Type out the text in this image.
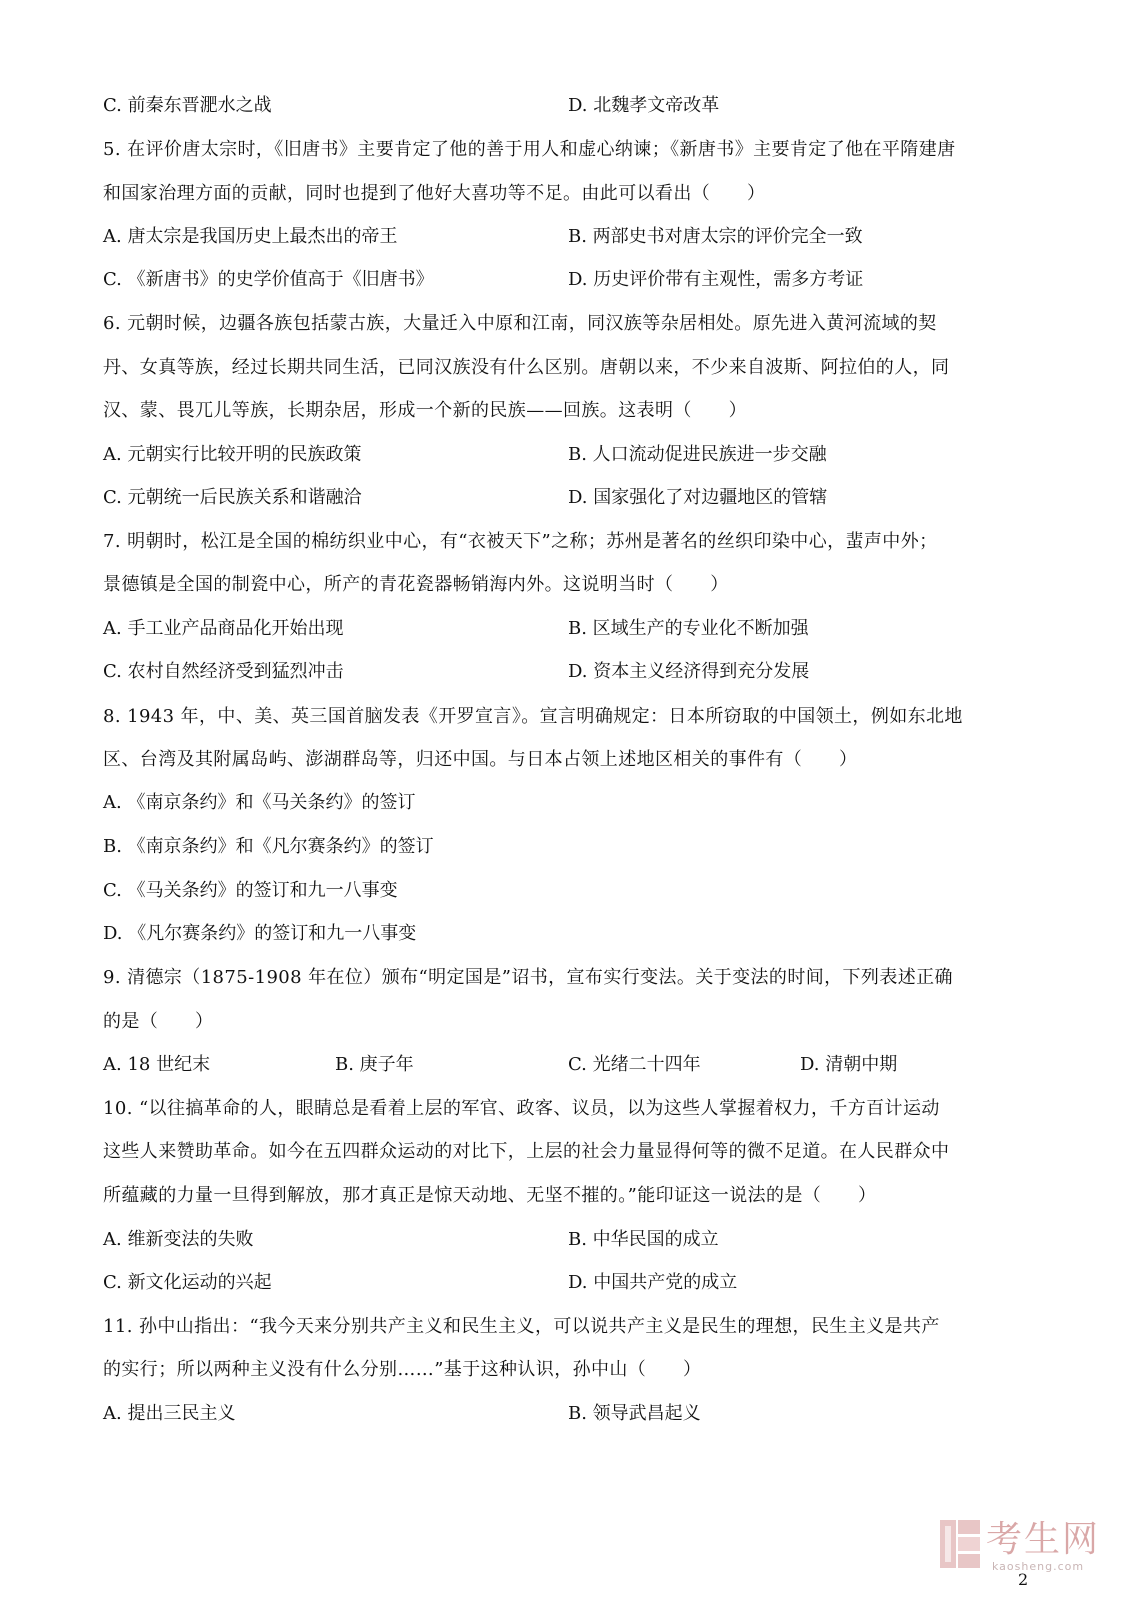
C. 前秦东晋淝水之战	D. 北魏孝文帝改革
5. 在评价唐太宗时，《旧唐书》主要肯定了他的善于用人和虚心纳谏；《新唐书》主要肯定了他在平隋建唐
和国家治理方面的贡献，同时也提到了他好大喜功等不足。由此可以看出（　　）
A. 唐太宗是我国历史上最杰出的帝王	B. 两部史书对唐太宗的评价完全一致
C. 《新唐书》的史学价值高于《旧唐书》	D. 历史评价带有主观性，需多方考证
6. 元朝时候，边疆各族包括蒙古族，大量迁入中原和江南，同汉族等杂居相处。原先进入黄河流域的契
丹、女真等族，经过长期共同生活，已同汉族没有什么区别。唐朝以来，不少来自波斯、阿拉伯的人，同
汉、蒙、畏兀儿等族，长期杂居，形成一个新的民族——回族。这表明（　　）
A. 元朝实行比较开明的民族政策	B. 人口流动促进民族进一步交融
C. 元朝统一后民族关系和谐融洽	D. 国家强化了对边疆地区的管辖
7. 明朝时，松江是全国的棉纺织业中心，有“衣被天下”之称；苏州是著名的丝织印染中心，蜚声中外；
景德镇是全国的制瓷中心，所产的青花瓷器畅销海内外。这说明当时（　　）
A. 手工业产品商品化开始出现	B. 区域生产的专业化不断加强
C. 农村自然经济受到猛烈冲击	D. 资本主义经济得到充分发展
8. 1943 年，中、美、英三国首脑发表《开罗宣言》。宣言明确规定：日本所窃取的中国领土，例如东北地
区、台湾及其附属岛屿、澎湖群岛等，归还中国。与日本占领上述地区相关的事件有（　　）
A. 《南京条约》和《马关条约》的签订
B. 《南京条约》和《凡尔赛条约》的签订
C. 《马关条约》的签订和九一八事变
D. 《凡尔赛条约》的签订和九一八事变
9. 清德宗（1875-1908 年在位）颁布“明定国是”诏书，宣布实行变法。关于变法的时间，下列表述正确
的是（　　）
A. 18 世纪末	B. 庚子年	C. 光绪二十四年	D. 清朝中期
10. “以往搞革命的人，眼睛总是看着上层的军官、政客、议员，以为这些人掌握着权力，千方百计运动
这些人来赞助革命。如今在五四群众运动的对比下，上层的社会力量显得何等的微不足道。在人民群众中
所蕴藏的力量一旦得到解放，那才真正是惊天动地、无坚不摧的。”能印证这一说法的是（　　）
A. 维新变法的失败	B. 中华民国的成立
C. 新文化运动的兴起	D. 中国共产党的成立
11. 孙中山指出：“我今天来分别共产主义和民生主义，可以说共产主义是民生的理想，民生主义是共产
的实行；所以两种主义没有什么分别……”基于这种认识，孙中山（　　）
A. 提出三民主义	B. 领导武昌起义
考生网
kaosheng.com
2
